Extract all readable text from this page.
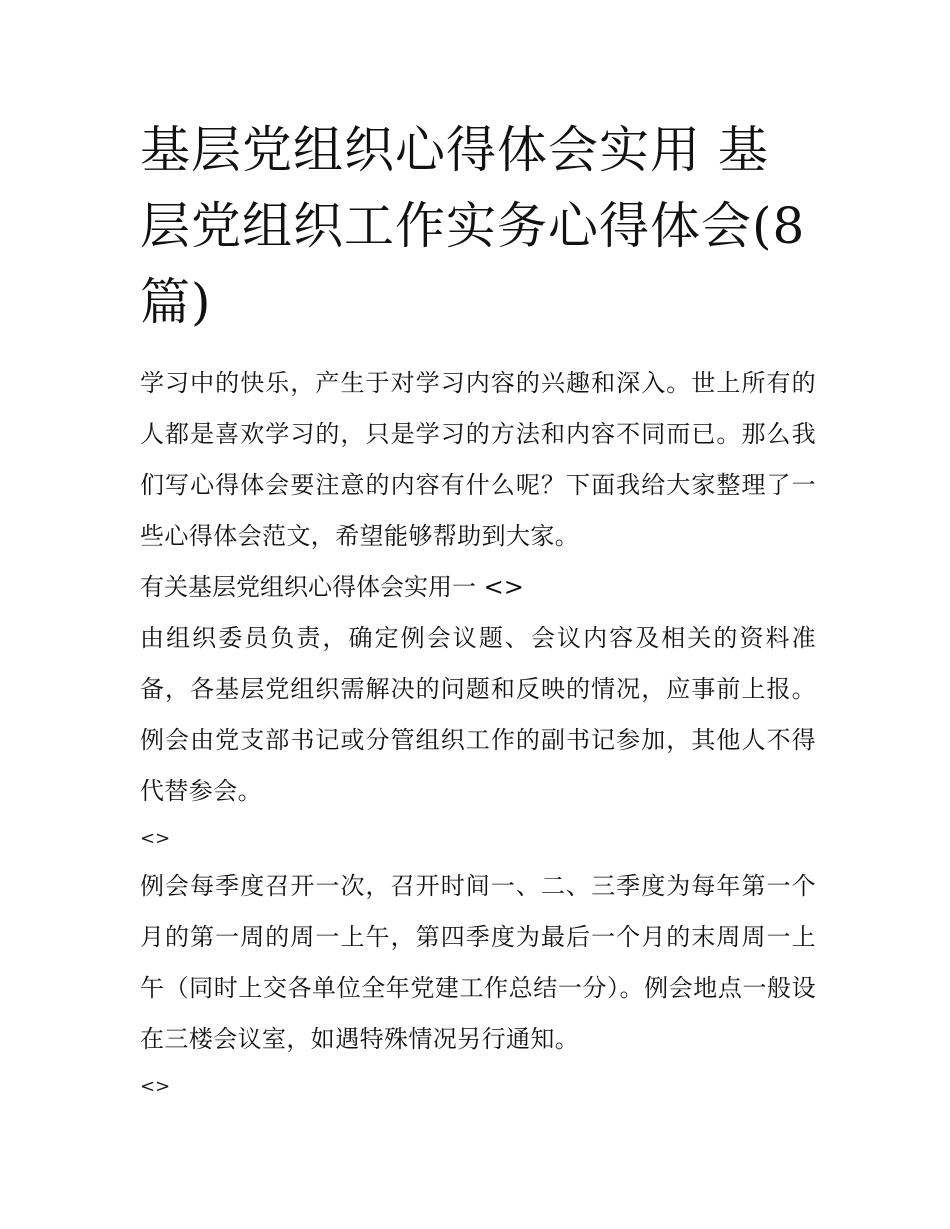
基层党组织心得体会实用 基层党组织工作实务心得体会(8篇)

学习中的快乐，产生于对学习内容的兴趣和深入。世上所有的人都是喜欢学习的，只是学习的方法和内容不同而已。那么我们写心得体会要注意的内容有什么呢？下面我给大家整理了一些心得体会范文，希望能够帮助到大家。

有关基层党组织心得体会实用一 <>

由组织委员负责，确定例会议题、会议内容及相关的资料准备，各基层党组织需解决的问题和反映的情况，应事前上报。例会由党支部书记或分管组织工作的副书记参加，其他人不得代替参会。

<>

例会每季度召开一次，召开时间一、二、三季度为每年第一个月的第一周的周一上午，第四季度为最后一个月的末周周一上午（同时上交各单位全年党建工作总结一分）。例会地点一般设在三楼会议室，如遇特殊情况另行通知。

<>
